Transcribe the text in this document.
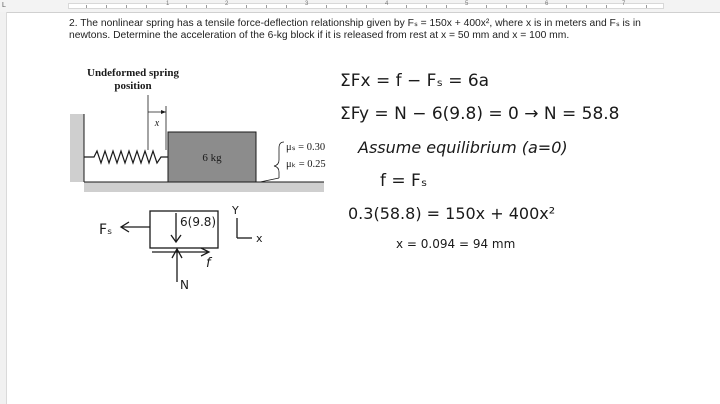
L	1	2	3	4	5	6	7

2. The nonlinear spring has a tensile force-deflection relationship given by Fₛ = 150x + 400x², where x is in meters and Fₛ is in newtons. Determine the acceleration of the 6-kg block if it is released from rest at x = 50 mm and x = 100 mm.

Undeformed spring
position
x
6 kg
μₛ = 0.30
μₖ = 0.25
ΣFx = f − Fₛ = 6a
ΣFy = N − 6(9.8) = 0 → N = 58.8
Assume equilibrium (a=0)
f = Fₛ
0.3(58.8) = 150x + 400x²
x = 0.094 = 94 mm
6(9.8)
Fₛ
f
N
Y
x
